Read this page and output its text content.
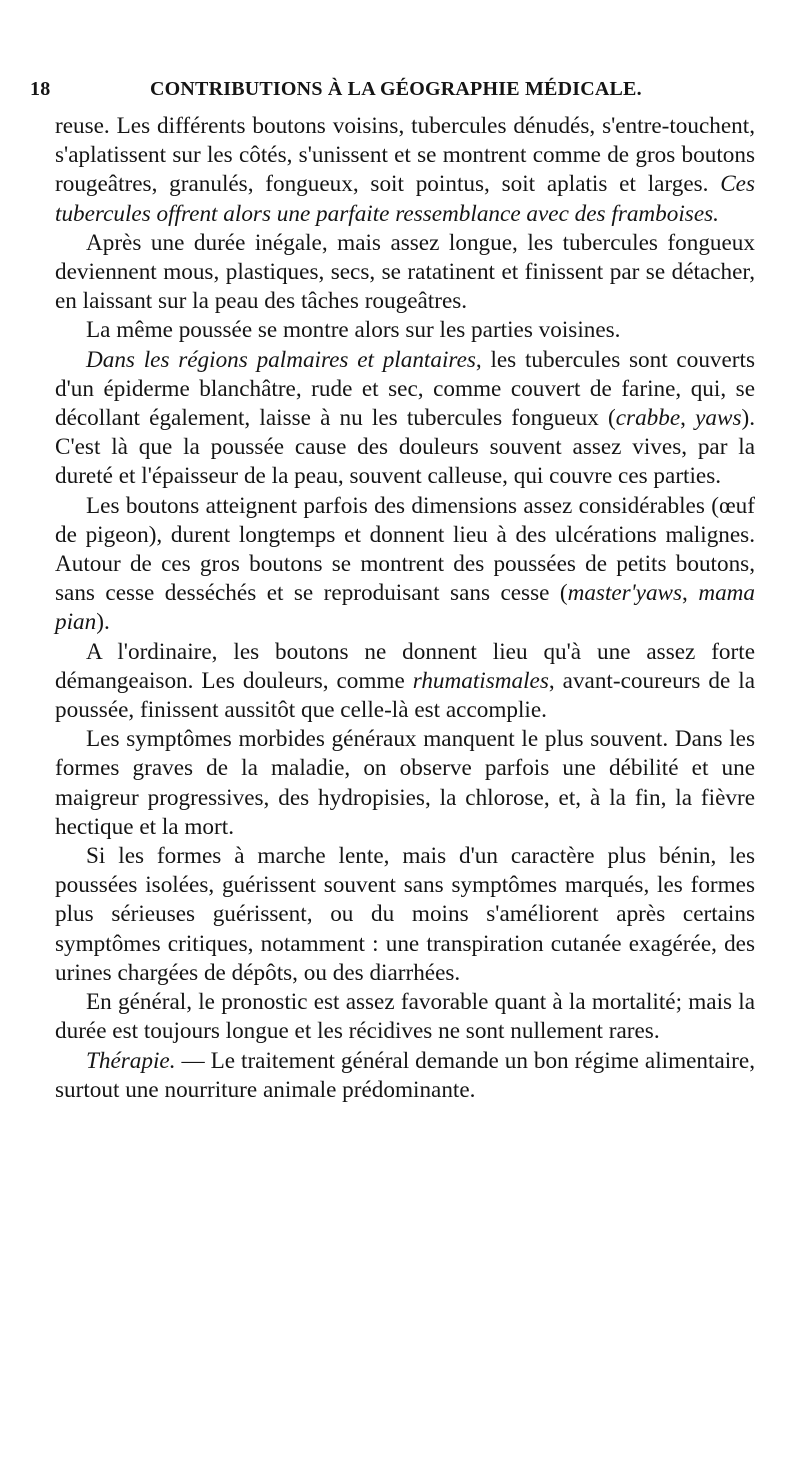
18	CONTRIBUTIONS À LA GÉOGRAPHIE MÉDICALE.

reuse. Les différents boutons voisins, tubercules dénudés, s'entre-touchent, s'aplatissent sur les côtés, s'unissent et se montrent comme de gros boutons rougeâtres, granulés, fongueux, soit pointus, soit aplatis et larges. Ces tubercules offrent alors une parfaite ressemblance avec des framboises.

Après une durée inégale, mais assez longue, les tubercules fongueux deviennent mous, plastiques, secs, se ratatinent et finissent par se détacher, en laissant sur la peau des tâches rougeâtres.

La même poussée se montre alors sur les parties voisines.

Dans les régions palmaires et plantaires, les tubercules sont couverts d'un épiderme blanchâtre, rude et sec, comme couvert de farine, qui, se décollant également, laisse à nu les tubercules fongueux (crabbe, yaws). C'est là que la poussée cause des douleurs souvent assez vives, par la dureté et l'épaisseur de la peau, souvent calleuse, qui couvre ces parties.

Les boutons atteignent parfois des dimensions assez considérables (œuf de pigeon), durent longtemps et donnent lieu à des ulcérations malignes. Autour de ces gros boutons se montrent des poussées de petits boutons, sans cesse desséchés et se reproduisant sans cesse (master'yaws, mama pian).

A l'ordinaire, les boutons ne donnent lieu qu'à une assez forte démangeaison. Les douleurs, comme rhumatismales, avant-coureurs de la poussée, finissent aussitôt que celle-là est accomplie.

Les symptômes morbides généraux manquent le plus souvent. Dans les formes graves de la maladie, on observe parfois une débilité et une maigreur progressives, des hydropisies, la chlorose, et, à la fin, la fièvre hectique et la mort.

Si les formes à marche lente, mais d'un caractère plus bénin, les poussées isolées, guérissent souvent sans symptômes marqués, les formes plus sérieuses guérissent, ou du moins s'améliorent après certains symptômes critiques, notamment : une transpiration cutanée exagérée, des urines chargées de dépôts, ou des diarrhées.

En général, le pronostic est assez favorable quant à la mortalité; mais la durée est toujours longue et les récidives ne sont nullement rares.

Thérapie. — Le traitement général demande un bon régime alimentaire, surtout une nourriture animale prédominante.
